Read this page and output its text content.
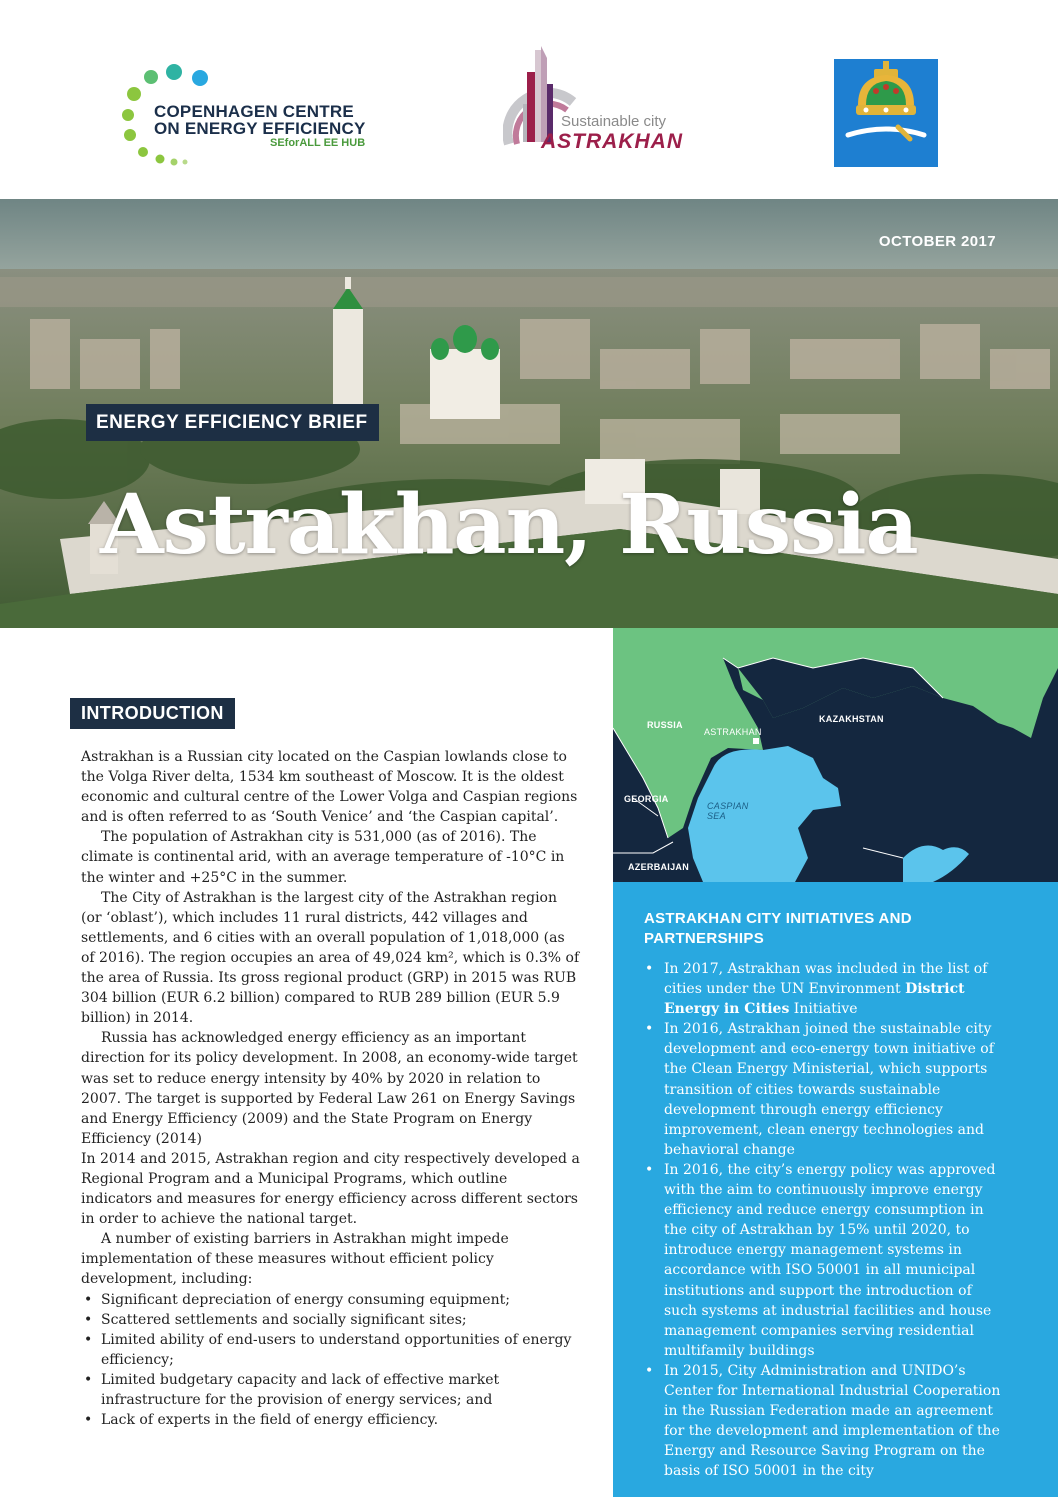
COPENHAGEN CENTRE
ON ENERGY EFFICIENCY
SEforALL EE HUB
Sustainable city
ASTRAKHAN
OCTOBER 2017
ENERGY EFFICIENCY BRIEF
Astrakhan, Russia
RUSSIA
ASTRAKHAN
KAZAKHSTAN
GEORGIA
CASPIAN
SEA
AZERBAIJAN
INTRODUCTION

Astrakhan is a Russian city located on the Caspian lowlands close to the Volga River delta, 1534 km southeast of Moscow. It is the oldest economic and cultural centre of the Lower Volga and Caspian regions and is often referred to as ‘South Venice’ and ‘the Caspian capital’.

The population of Astrakhan city is 531,000 (as of 2016). The climate is continental arid, with an average temperature of -10°C in the winter and +25°C in the summer.

The City of Astrakhan is the largest city of the Astrakhan region (or ‘oblast’), which includes 11 rural districts, 442 villages and settlements, and 6 cities with an overall population of 1,018,000 (as of 2016). The region occupies an area of 49,024 km², which is 0.3% of the area of Russia. Its gross regional product (GRP) in 2015 was RUB 304 billion (EUR 6.2 billion) compared to RUB 289 billion (EUR 5.9 billion) in 2014.

Russia has acknowledged energy efficiency as an important direction for its policy development. In 2008, an economy-wide target was set to reduce energy intensity by 40% by 2020 in relation to 2007. The target is supported by Federal Law 261 on Energy Savings and Energy Efficiency (2009) and the State Program on Energy Efficiency (2014)

In 2014 and 2015, Astrakhan region and city respectively developed a Regional Program and a Municipal Programs, which outline indicators and measures for energy efficiency across different sectors in order to achieve the national target.

A number of existing barriers in Astrakhan might impede implementation of these measures without efficient policy development, including:

• Significant depreciation of energy consuming equipment;
• Scattered settlements and socially significant sites;
• Limited ability of end-users to understand opportunities of energy efficiency;
• Limited budgetary capacity and lack of effective market infrastructure for the provision of energy services; and
• Lack of experts in the field of energy efficiency.
ASTRAKHAN CITY INITIATIVES AND PARTNERSHIPS
• In 2017, Astrakhan was included in the list of cities under the UN Environment District Energy in Cities Initiative
• In 2016, Astrakhan joined the sustainable city development and eco-energy town initiative of the Clean Energy Ministerial, which supports transition of cities towards sustainable development through energy efficiency improvement, clean energy technologies and behavioral change
• In 2016, the city’s energy policy was approved with the aim to continuously improve energy efficiency and reduce energy consumption in the city of Astrakhan by 15% until 2020, to introduce energy management systems in accordance with ISO 50001 in all municipal institutions and support the introduction of such systems at industrial facilities and house management companies serving residential multifamily buildings
• In 2015, City Administration and UNIDO’s Center for International Industrial Cooperation in the Russian Federation made an agreement for the development and implementation of the Energy and Resource Saving Program on the basis of ISO 50001 in the city
